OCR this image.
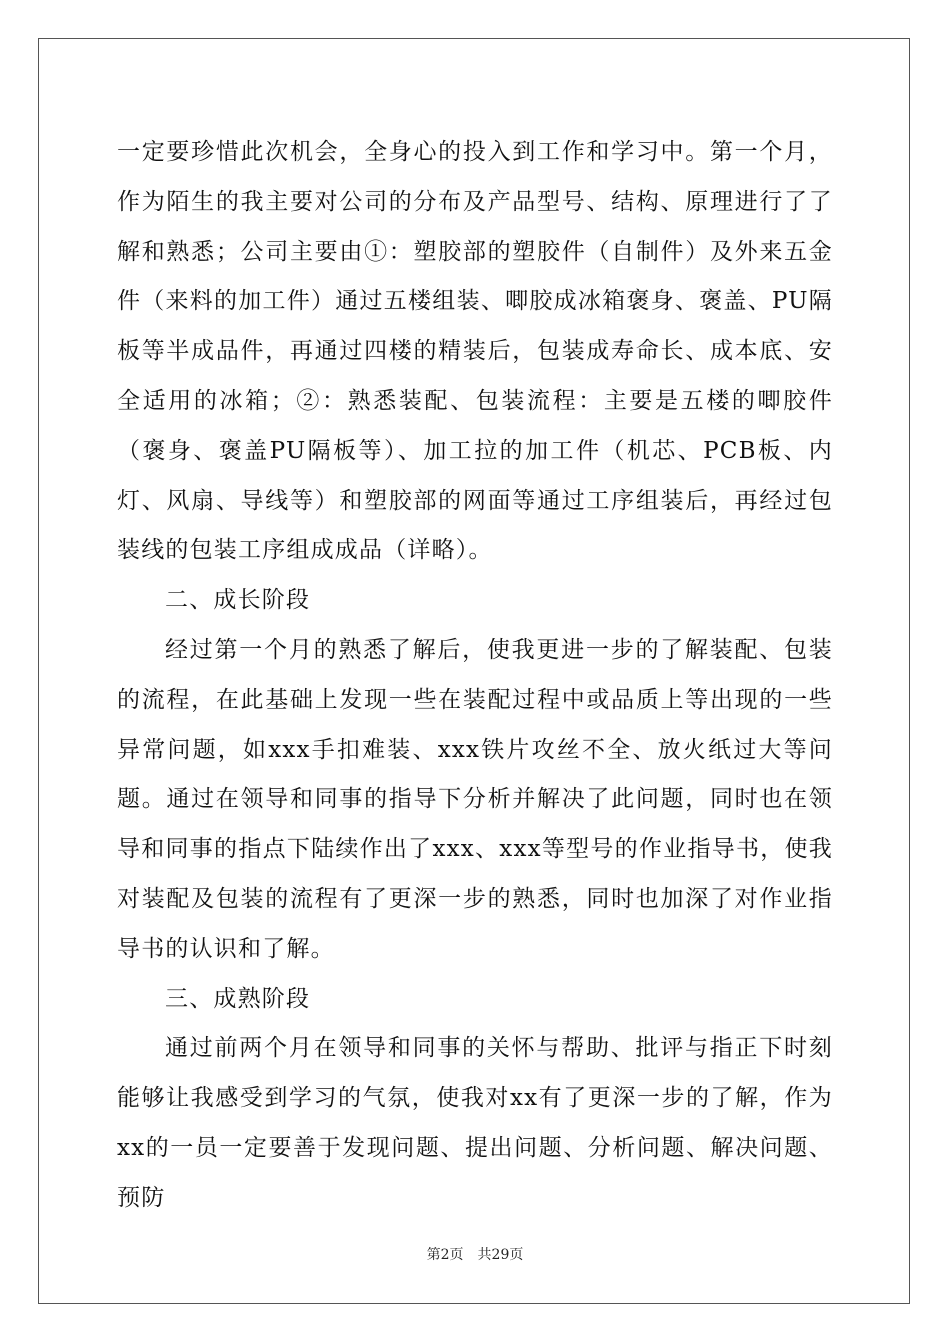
一定要珍惜此次机会，全身心的投入到工作和学习中。第一个月，作为陌生的我主要对公司的分布及产品型号、结构、原理进行了了解和熟悉；公司主要由①：塑胶部的塑胶件（自制件）及外来五金件（来料的加工件）通过五楼组装、唧胶成冰箱褒身、褒盖、PU隔板等半成品件，再通过四楼的精装后，包装成寿命长、成本底、安全适用的冰箱；②：熟悉装配、包装流程：主要是五楼的唧胶件（褒身、褒盖PU隔板等）、加工拉的加工件（机芯、PCB板、内灯、风扇、导线等）和塑胶部的网面等通过工序组装后，再经过包装线的包装工序组成成品（详略）。

二、成长阶段

经过第一个月的熟悉了解后，使我更进一步的了解装配、包装的流程，在此基础上发现一些在装配过程中或品质上等出现的一些异常问题，如xxx手扣难装、xxx铁片攻丝不全、放火纸过大等问题。通过在领导和同事的指导下分析并解决了此问题，同时也在领导和同事的指点下陆续作出了xxx、xxx等型号的作业指导书，使我对装配及包装的流程有了更深一步的熟悉，同时也加深了对作业指导书的认识和了解。

三、成熟阶段

通过前两个月在领导和同事的关怀与帮助、批评与指正下时刻能够让我感受到学习的气氛，使我对xx有了更深一步的了解，作为xx的一员一定要善于发现问题、提出问题、分析问题、解决问题、预防

第2页 共29页
